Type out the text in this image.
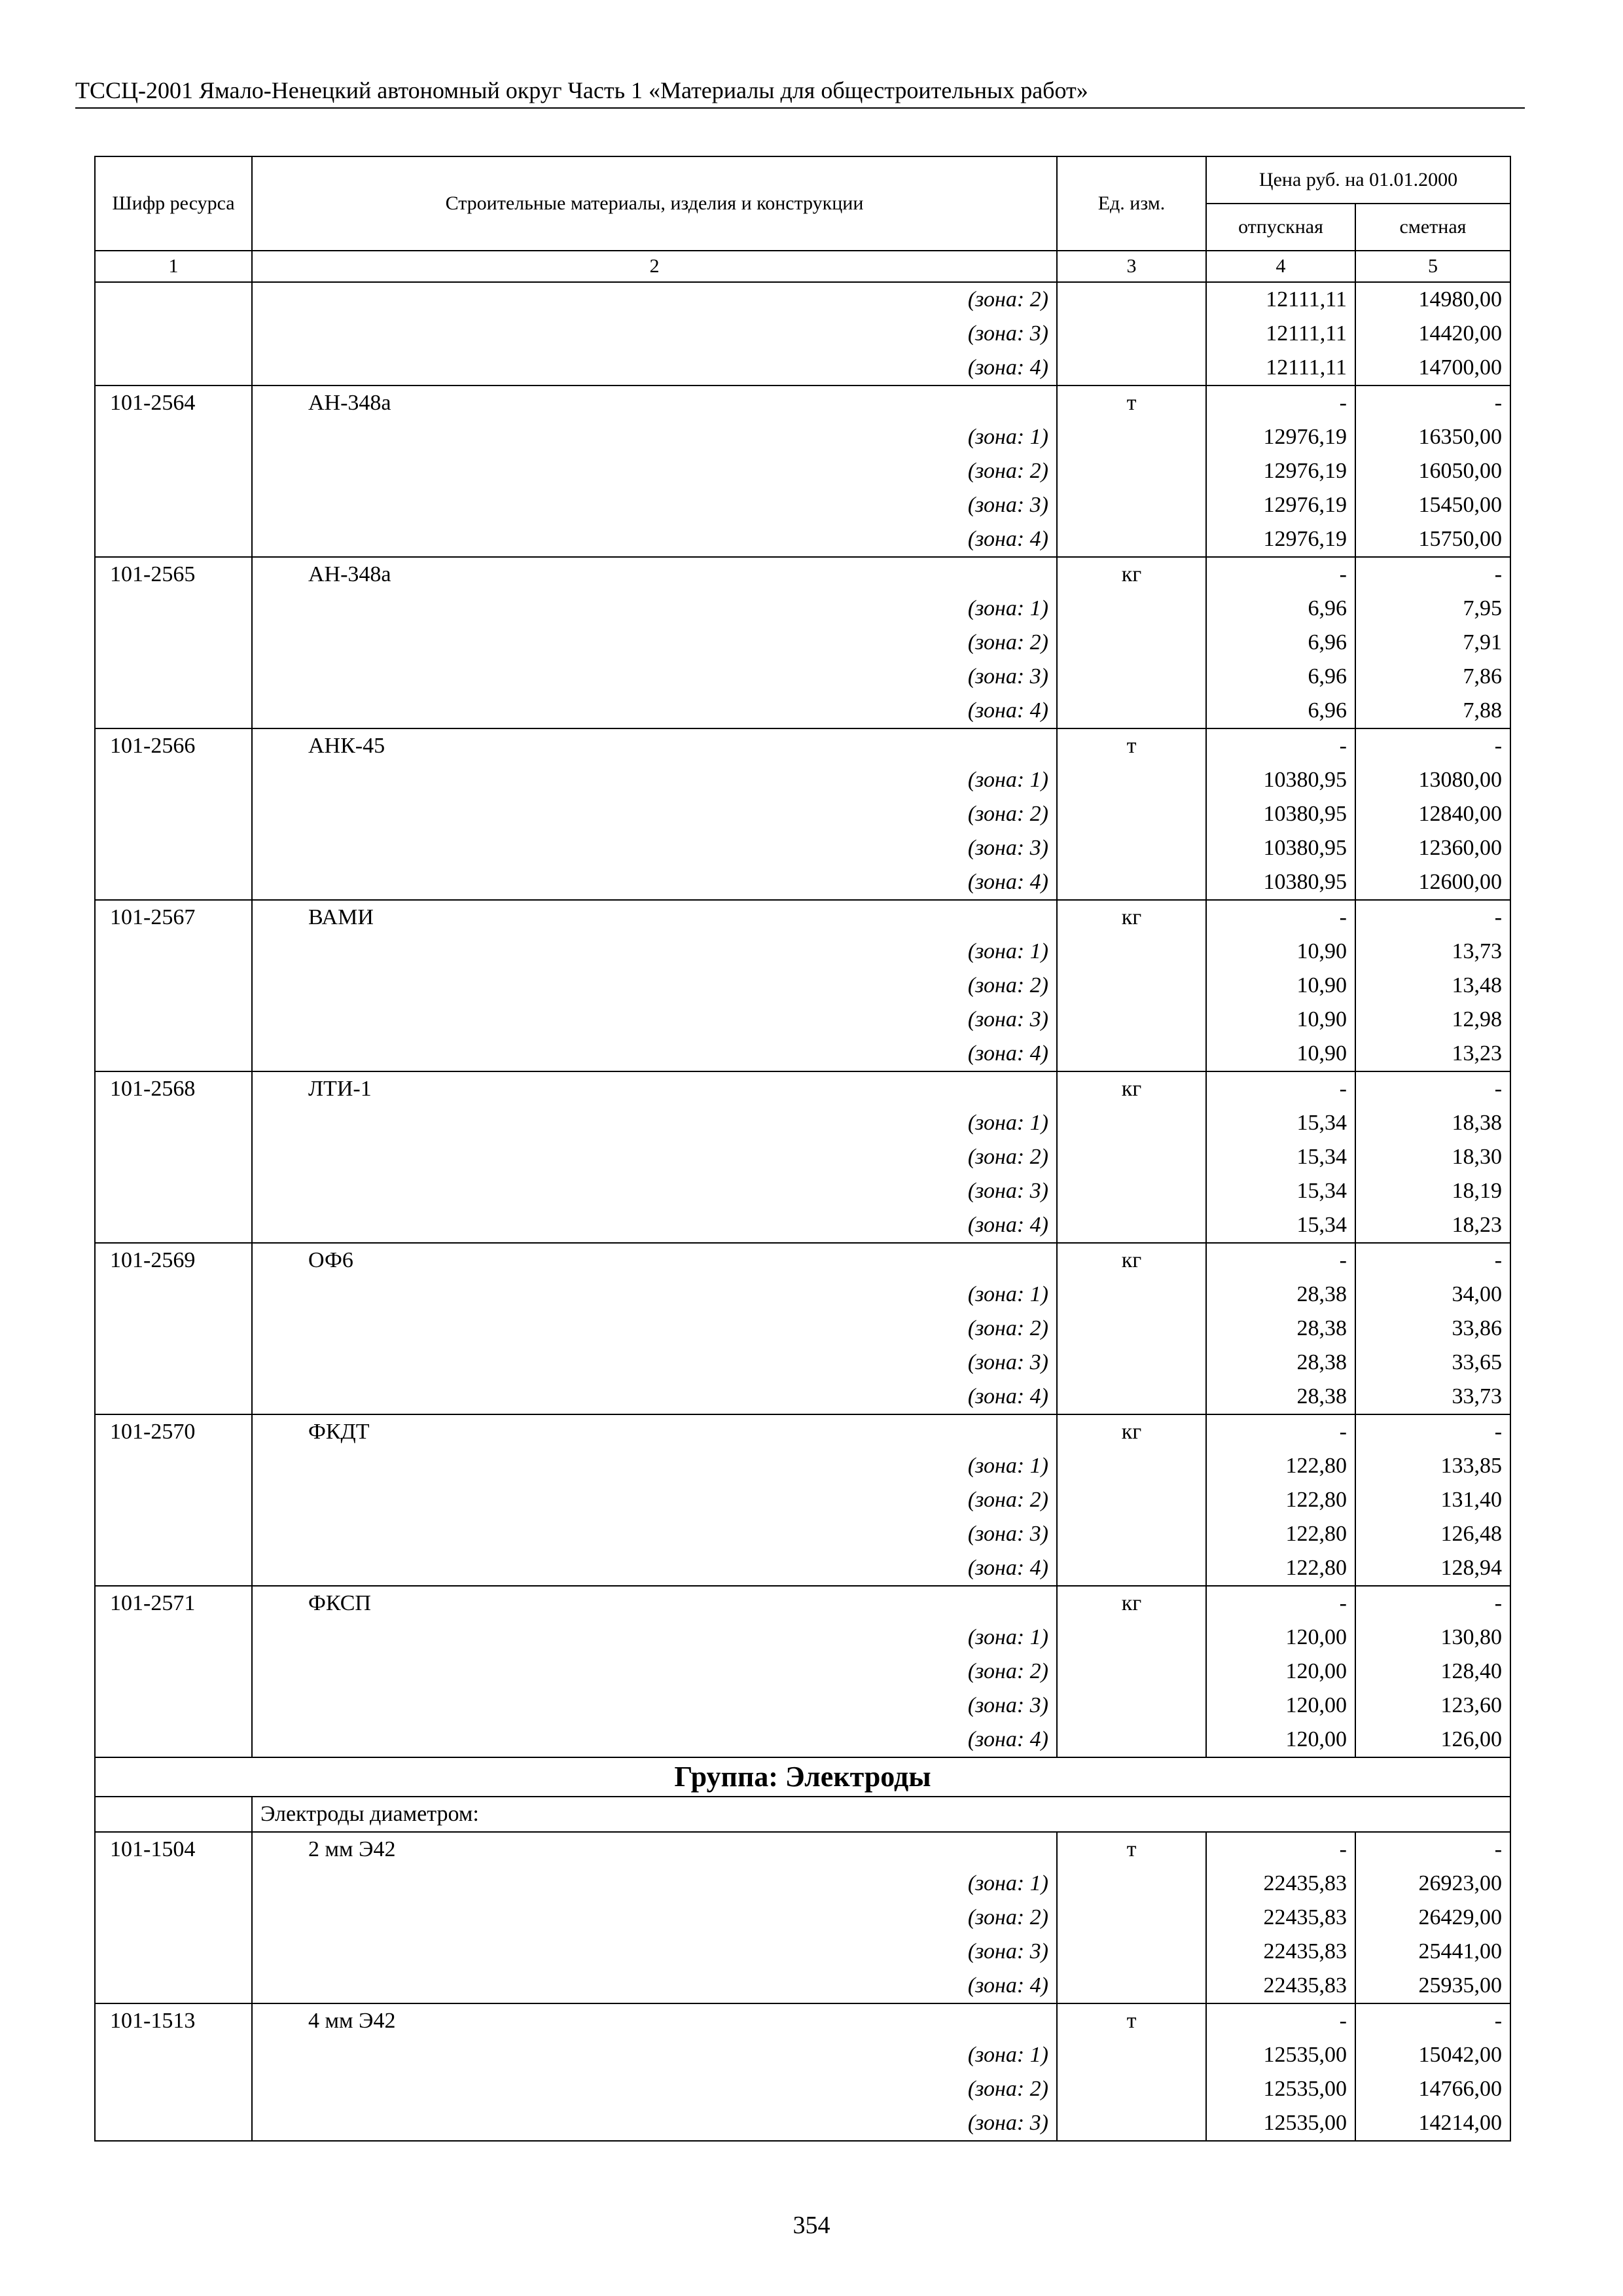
ТССЦ-2001 Ямало-Ненецкий автономный округ Часть 1 «Материалы для общестроительных работ»
Шифр ресурса	Строительные материалы, изделия и конструкции	Ед. изм.	Цена руб. на 01.01.2000	
			отпускная	сметная
1	2	3	4	5
	(зона: 2)		12111,11	14980,00
	(зона: 3)		12111,11	14420,00
	(зона: 4)		12111,11	14700,00
101-2564	АН-348а	т	-	-
	(зона: 1)		12976,19	16350,00
	(зона: 2)		12976,19	16050,00
	(зона: 3)		12976,19	15450,00
	(зона: 4)		12976,19	15750,00
101-2565	АН-348а	кг	-	-
	(зона: 1)		6,96	7,95
	(зона: 2)		6,96	7,91
	(зона: 3)		6,96	7,86
	(зона: 4)		6,96	7,88
101-2566	АНК-45	т	-	-
	(зона: 1)		10380,95	13080,00
	(зона: 2)		10380,95	12840,00
	(зона: 3)		10380,95	12360,00
	(зона: 4)		10380,95	12600,00
101-2567	ВАМИ	кг	-	-
	(зона: 1)		10,90	13,73
	(зона: 2)		10,90	13,48
	(зона: 3)		10,90	12,98
	(зона: 4)		10,90	13,23
101-2568	ЛТИ-1	кг	-	-
	(зона: 1)		15,34	18,38
	(зона: 2)		15,34	18,30
	(зона: 3)		15,34	18,19
	(зона: 4)		15,34	18,23
101-2569	ОФ6	кг	-	-
	(зона: 1)		28,38	34,00
	(зона: 2)		28,38	33,86
	(зона: 3)		28,38	33,65
	(зона: 4)		28,38	33,73
101-2570	ФКДТ	кг	-	-
	(зона: 1)		122,80	133,85
	(зона: 2)		122,80	131,40
	(зона: 3)		122,80	126,48
	(зона: 4)		122,80	128,94
101-2571	ФКСП	кг	-	-
	(зона: 1)		120,00	130,80
	(зона: 2)		120,00	128,40
	(зона: 3)		120,00	123,60
	(зона: 4)		120,00	126,00
Группа: Электроды				
	Электроды диаметром:			
101-1504	2 мм Э42	т	-	-
	(зона: 1)		22435,83	26923,00
	(зона: 2)		22435,83	26429,00
	(зона: 3)		22435,83	25441,00
	(зона: 4)		22435,83	25935,00
101-1513	4 мм Э42	т	-	-
	(зона: 1)		12535,00	15042,00
	(зона: 2)		12535,00	14766,00
	(зона: 3)		12535,00	14214,00
354
